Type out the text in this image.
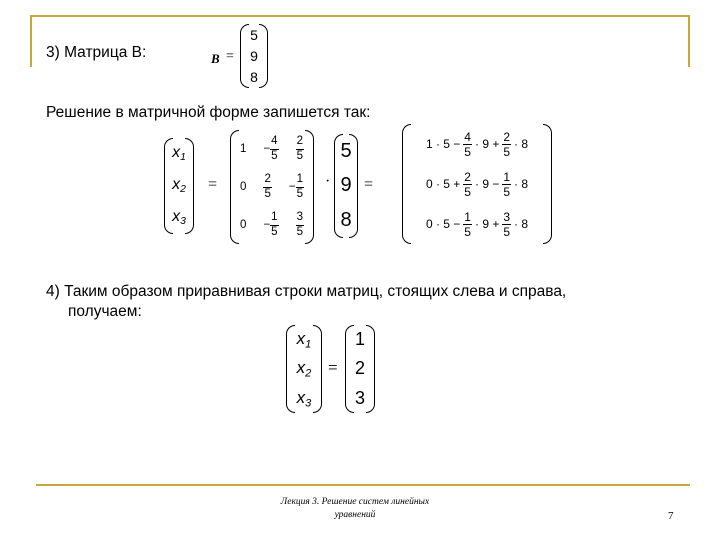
3) Матрица В:	B =
5
9
8
Решение в матричной форме запишется так:
$x_1$
$x_2$
$x_3$
=
$1 - \frac{4}{5} \frac{2}{5}$
$0 \frac{2}{5} - \frac{1}{5}$
$0 - \frac{1}{5} \frac{3}{5}$
·
5
9
8
=
$1 \cdot 5 - \frac{4}{5} \cdot 9 + \frac{2}{5} \cdot 8$
$0 \cdot 5 + \frac{2}{5} \cdot 9 - \frac{1}{5} \cdot 8$
$0 \cdot 5 - \frac{1}{5} \cdot 9 + \frac{3}{5} \cdot 8$
4) Таким образом приравнивая строки матриц, стоящих слева и справа,
получаем:
$x_1$
$x_2$
$x_3$
=
1
2
3
Лекция 3. Решение систем линейных
уравнений	7
